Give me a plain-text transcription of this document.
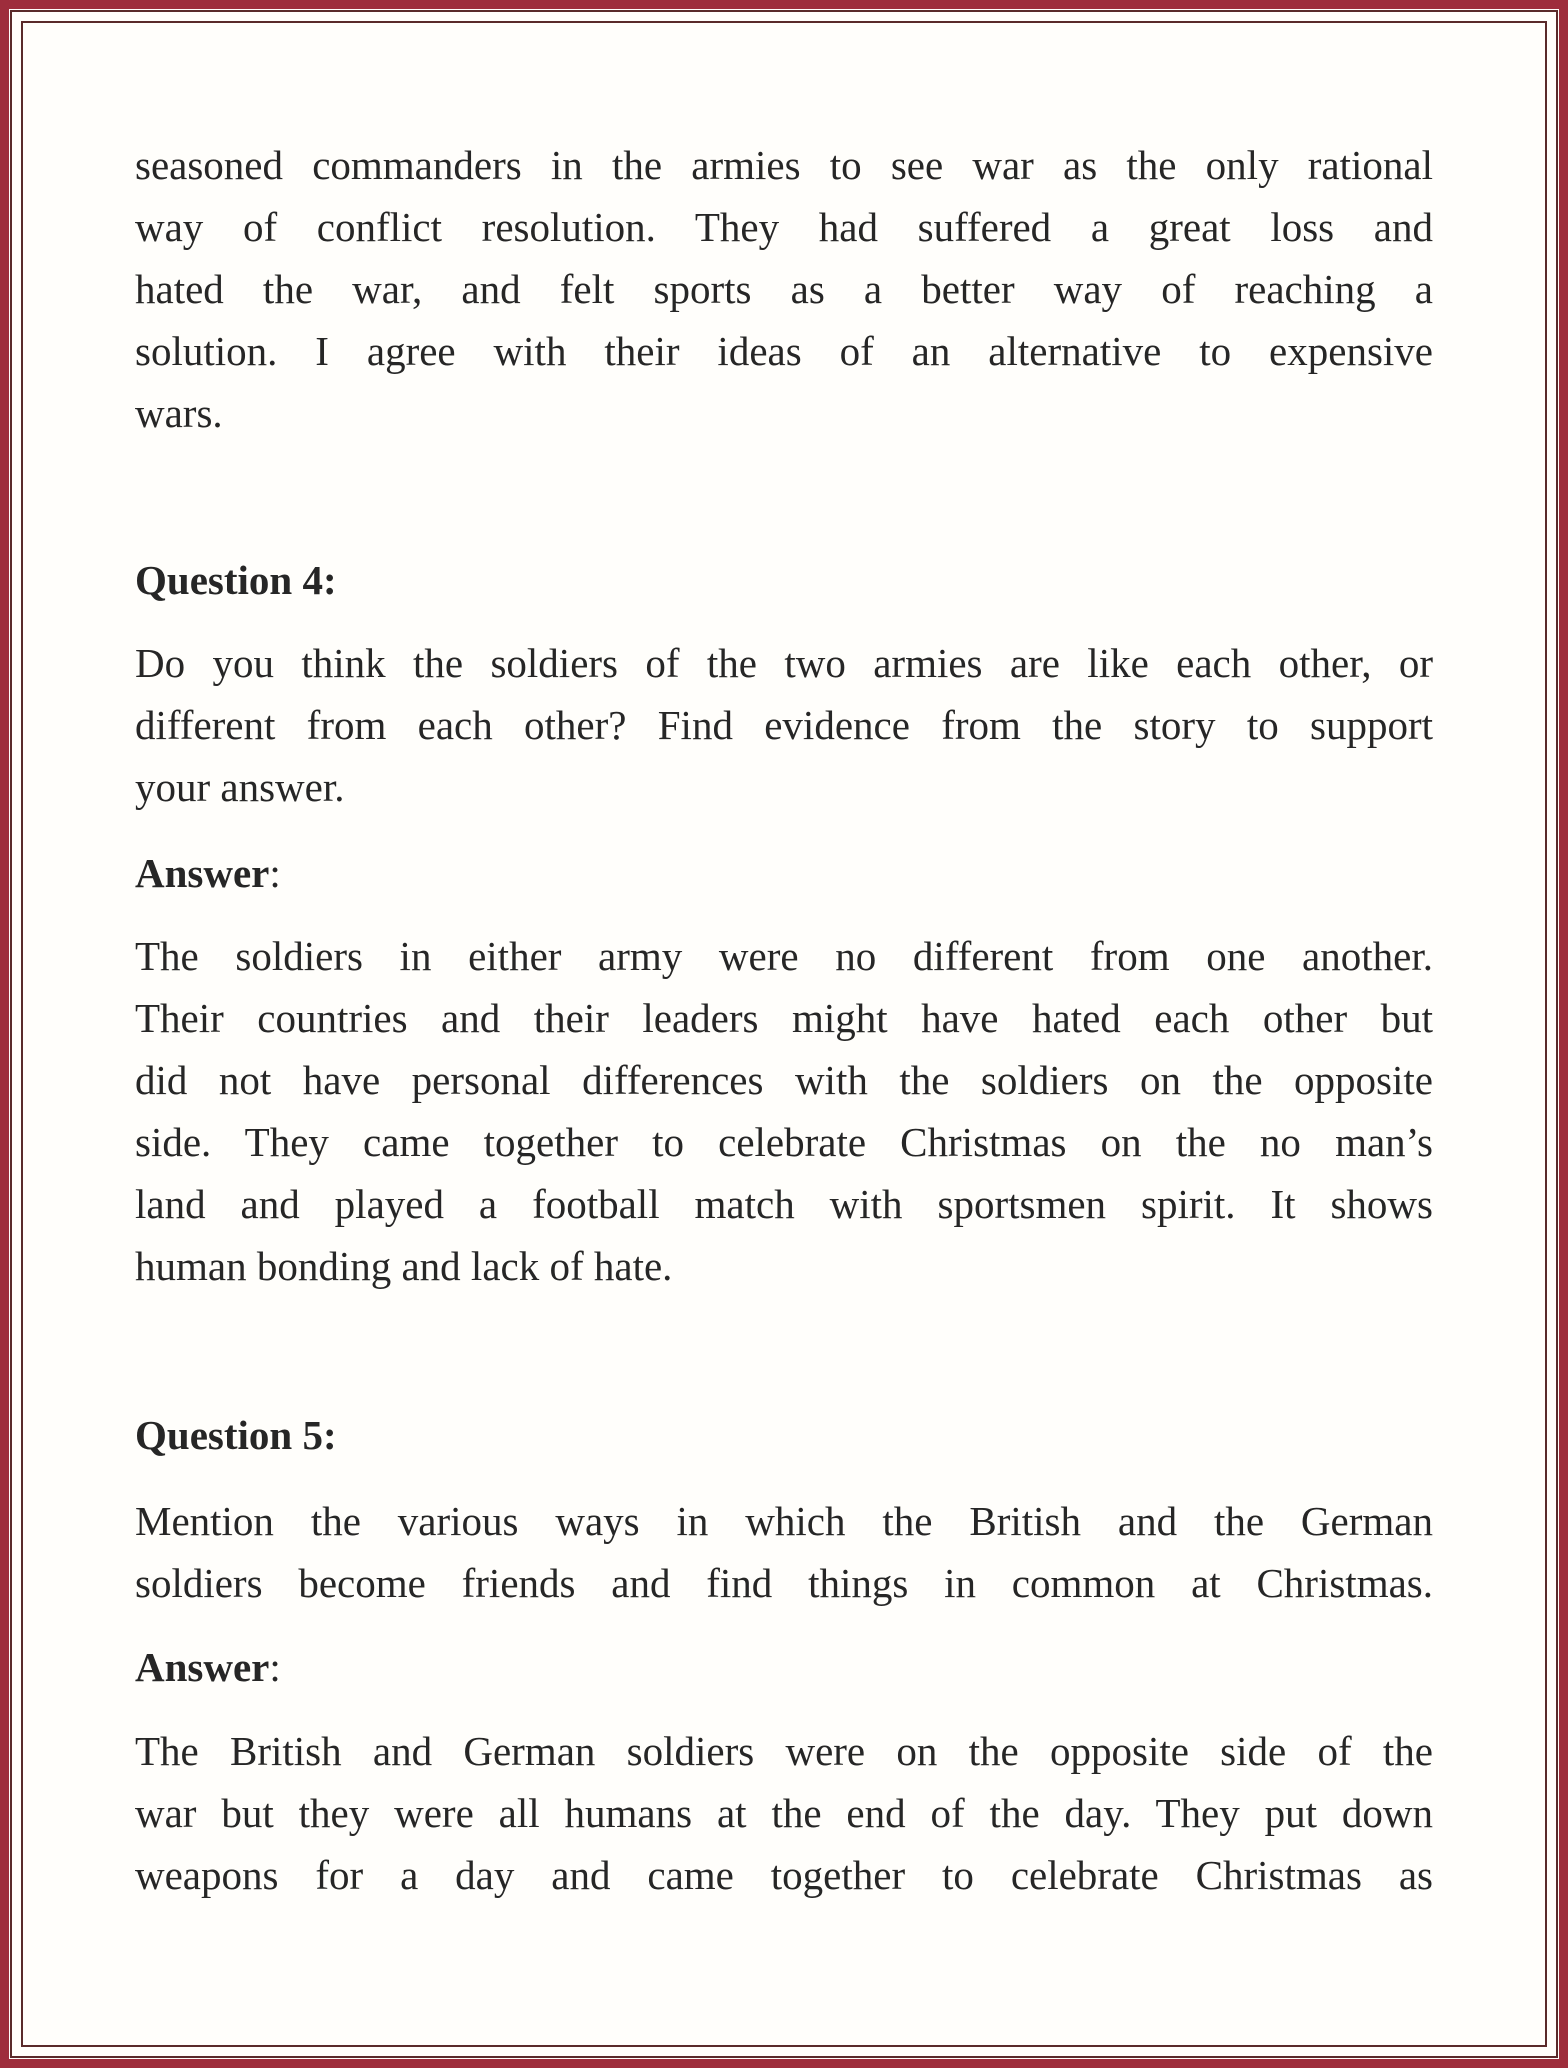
seasoned commanders in the armies to see war as the only rational
way of conflict resolution. They had suffered a great loss and
hated the war, and felt sports as a better way of reaching a
solution. I agree with their ideas of an alternative to expensive
wars.
Question 4:
Do you think the soldiers of the two armies are like each other, or
different from each other? Find evidence from the story to support
your answer.
Answer:
The soldiers in either army were no different from one another.
Their countries and their leaders might have hated each other but
did not have personal differences with the soldiers on the opposite
side. They came together to celebrate Christmas on the no man’s
land and played a football match with sportsmen spirit. It shows
human bonding and lack of hate.
Question 5:
Mention the various ways in which the British and the German
soldiers become friends and find things in common at Christmas.
Answer:
The British and German soldiers were on the opposite side of the
war but they were all humans at the end of the day. They put down
weapons for a day and came together to celebrate Christmas as
